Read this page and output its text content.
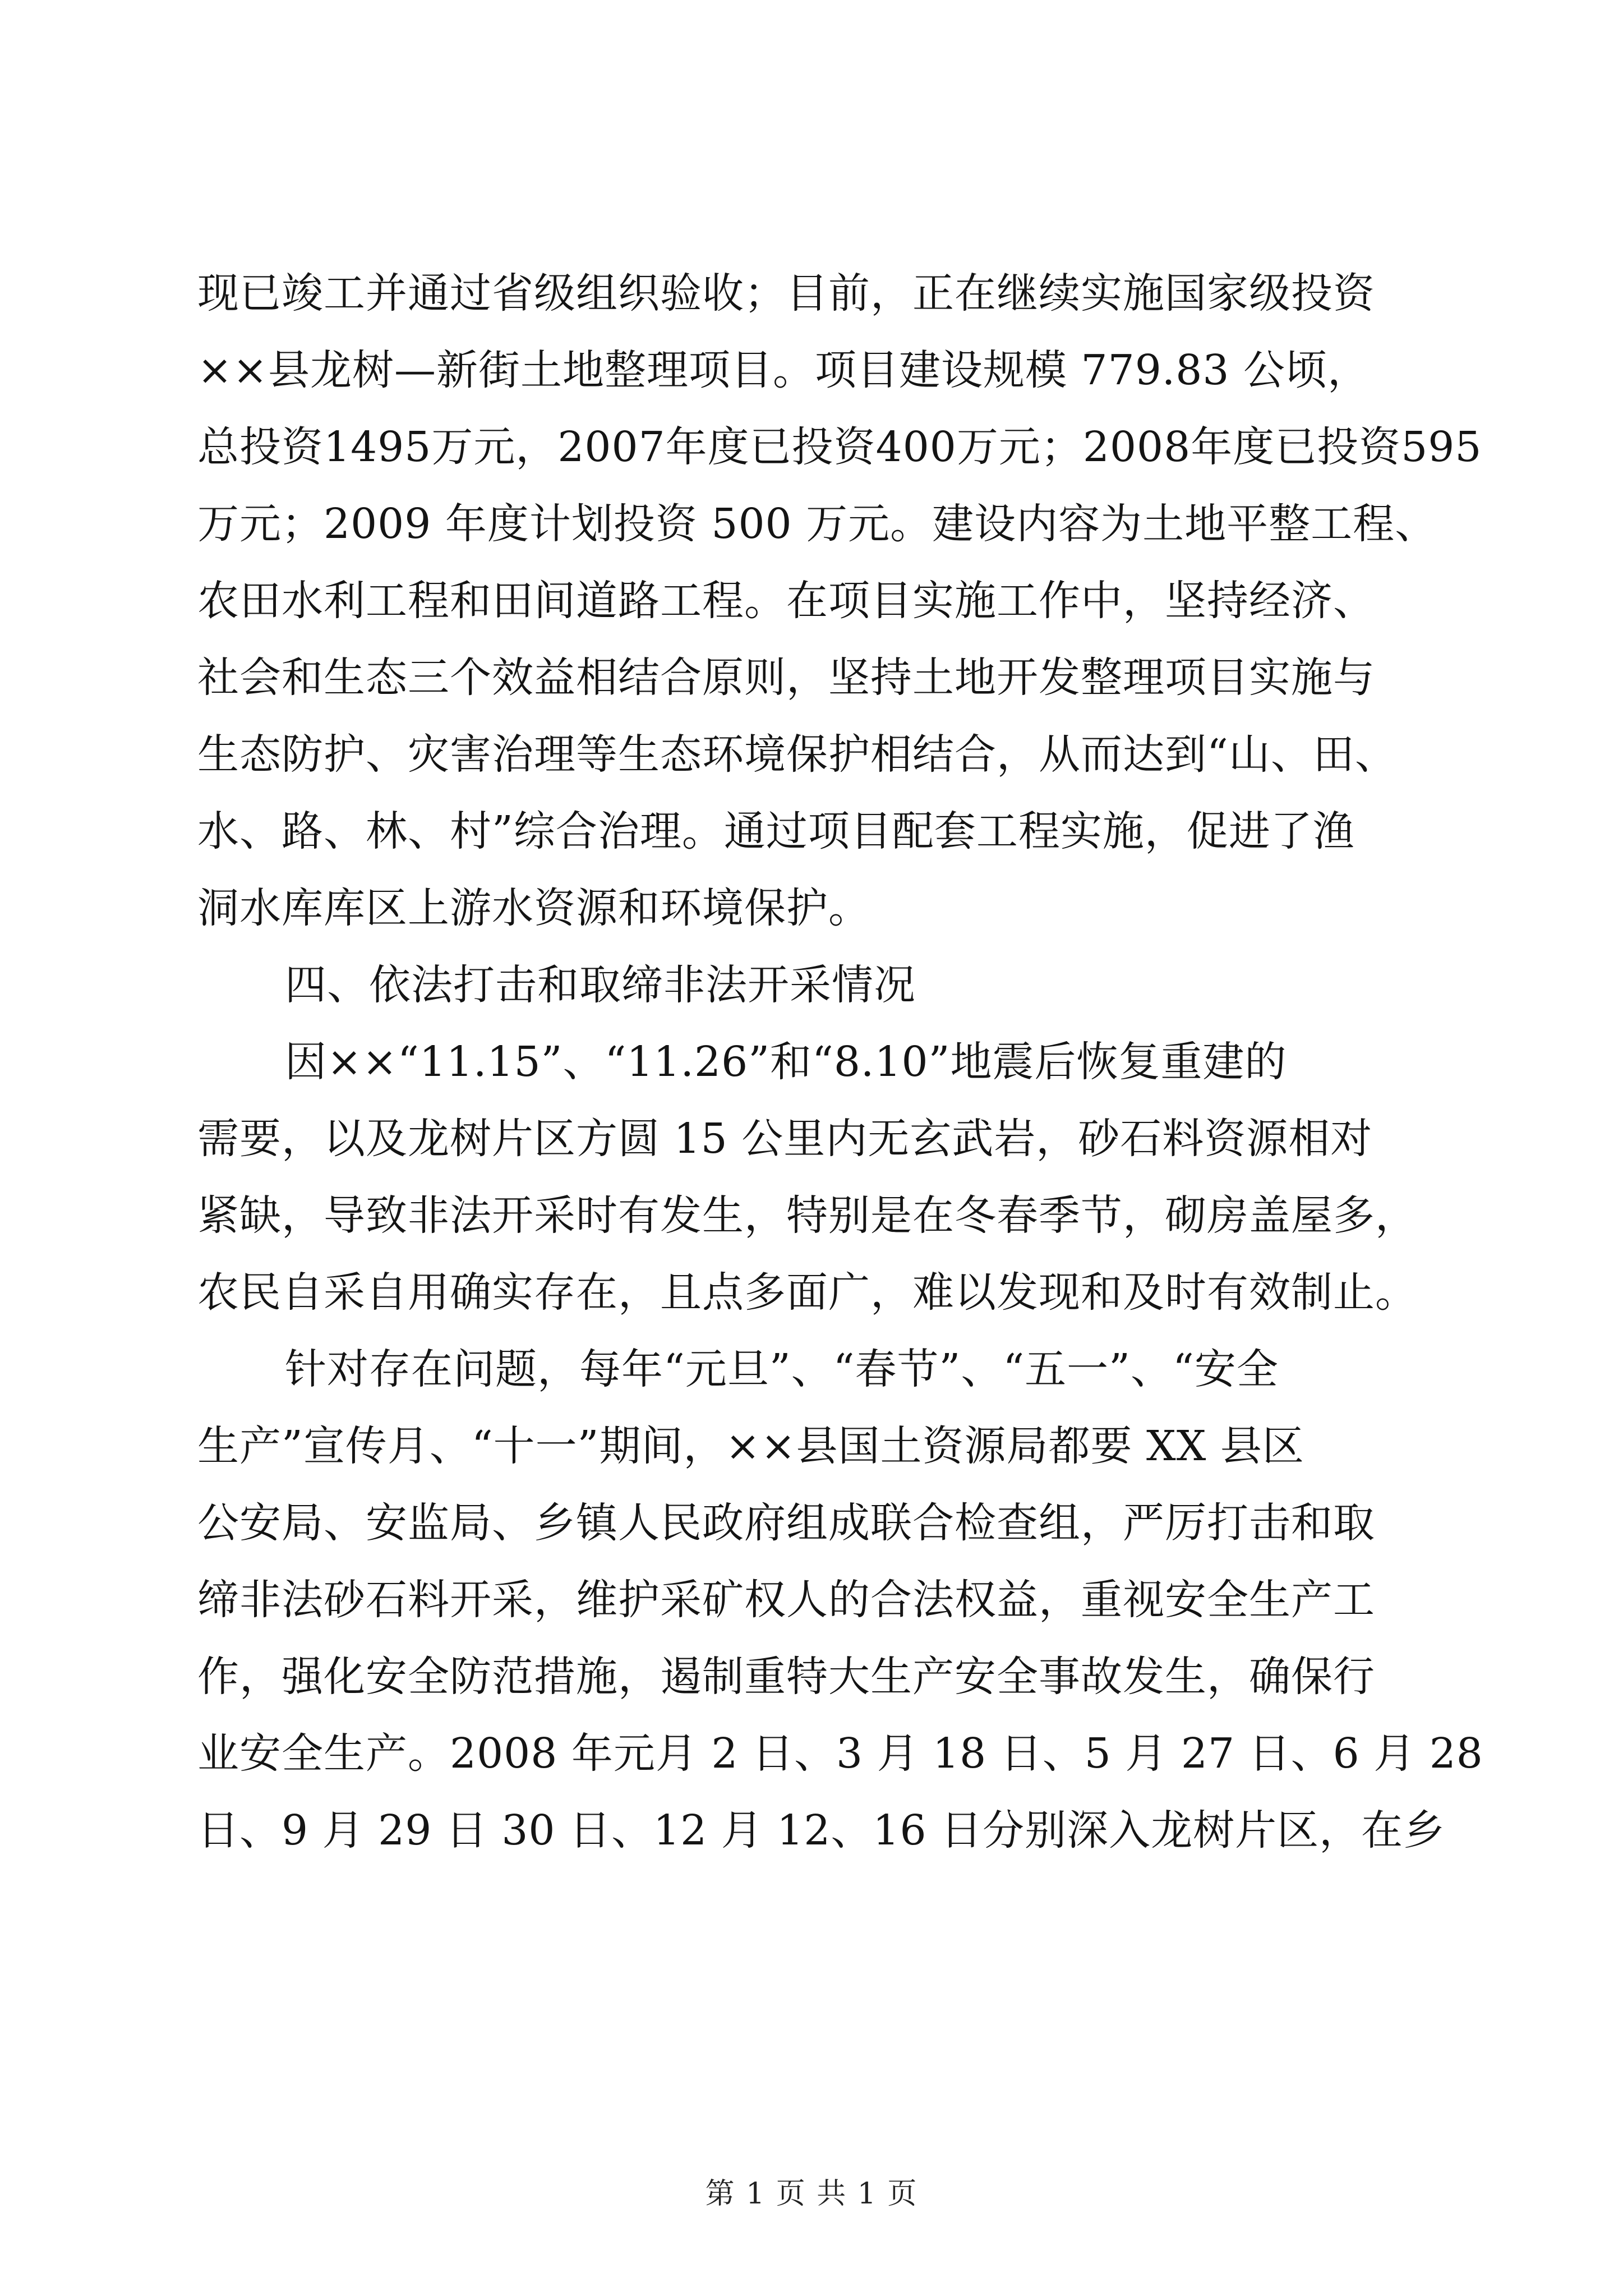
现已竣工并通过省级组织验收；目前，正在继续实施国家级投资
××县龙树—新街土地整理项目。项目建设规模 779.83 公顷，
总投资1495万元，2007年度已投资400万元；2008年度已投资595
万元；2009 年度计划投资 500 万元。建设内容为土地平整工程、
农田水利工程和田间道路工程。在项目实施工作中，坚持经济、
社会和生态三个效益相结合原则，坚持土地开发整理项目实施与
生态防护、灾害治理等生态环境保护相结合，从而达到“山、田、
水、路、林、村”综合治理。通过项目配套工程实施，促进了渔
洞水库库区上游水资源和环境保护。

四、依法打击和取缔非法开采情况

因××“11.15”、“11.26”和“8.10”地震后恢复重建的
需要，以及龙树片区方圆 15 公里内无玄武岩，砂石料资源相对
紧缺，导致非法开采时有发生，特别是在冬春季节，砌房盖屋多，
农民自采自用确实存在，且点多面广，难以发现和及时有效制止。

针对存在问题，每年“元旦”、“春节”、“五一”、“安全
生产”宣传月、“十一”期间，××县国土资源局都要 XX 县区
公安局、安监局、乡镇人民政府组成联合检查组，严厉打击和取
缔非法砂石料开采，维护采矿权人的合法权益，重视安全生产工
作，强化安全防范措施，遏制重特大生产安全事故发生，确保行
业安全生产。2008 年元月 2 日、3 月 18 日、5 月 27 日、6 月 28
日、9 月 29 日 30 日、12 月 12、16 日分别深入龙树片区，在乡

第 1 页 共 1 页
